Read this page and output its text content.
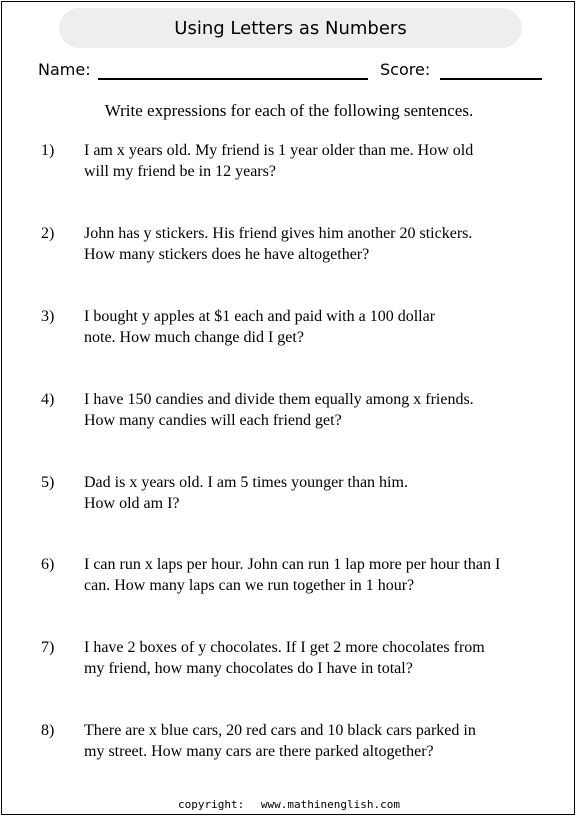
Using Letters as Numbers
Name:	Score:
Write expressions for each of the following sentences.
1) I am x years old. My friend is 1 year older than me. How old
will my friend be in 12 years?
2) John has y stickers. His friend gives him another 20 stickers.
How many stickers does he have altogether?
3) I bought y apples at $1 each and paid with a 100 dollar
note. How much change did I get?
4) I have 150 candies and divide them equally among x friends.
How many candies will each friend get?
5) Dad is x years old. I am 5 times younger than him.
How old am I?
6) I can run x laps per hour. John can run 1 lap more per hour than I
can. How many laps can we run together in 1 hour?
7) I have 2 boxes of y chocolates. If I get 2 more chocolates from
my friend, how many chocolates do I have in total?
8) There are x blue cars, 20 red cars and 10 black cars parked in
my street. How many cars are there parked altogether?
copyright: www.mathinenglish.com
